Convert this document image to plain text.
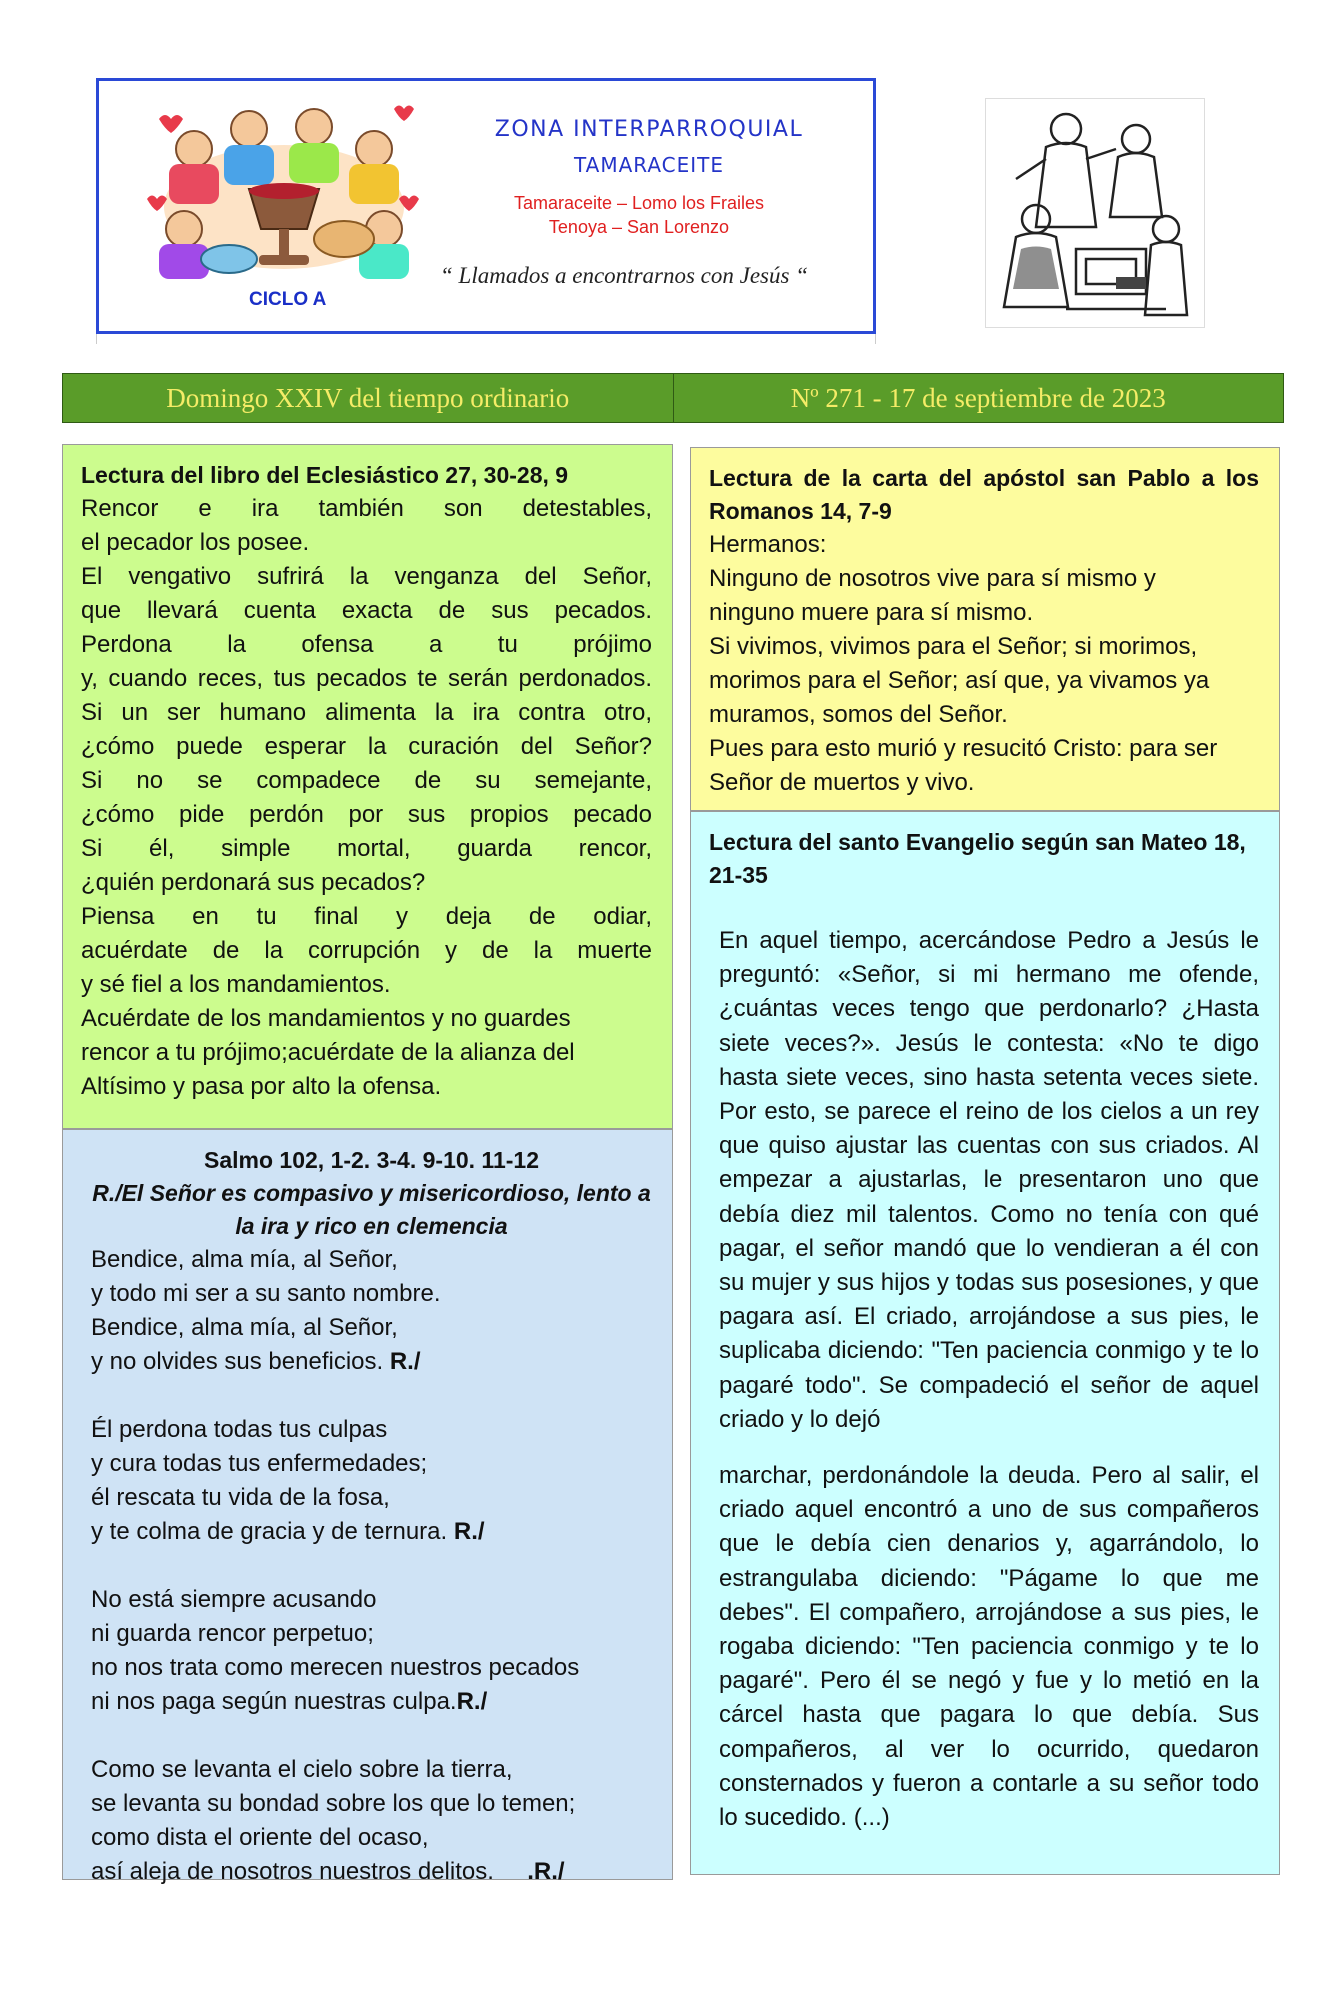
ZONA INTERPARROQUIAL
TAMARACEITE
Tamaraceite – Lomo los Frailes
Tenoya – San Lorenzo
“ Llamados a encontrarnos con Jesús “
CICLO A
Domingo XXIV del tiempo ordinario	Nº 271 - 17 de septiembre de 2023
Lectura del libro del Eclesiástico 27, 30-28, 9
Rencor e ira también son detestables,
el pecador los posee.
El vengativo sufrirá la venganza del Señor,
que llevará cuenta exacta de sus pecados.
Perdona la ofensa a tu prójimo
y, cuando reces, tus pecados te serán perdonados.
Si un ser humano alimenta la ira contra otro,
¿cómo puede esperar la curación del Señor?
Si no se compadece de su semejante,
¿cómo pide perdón por sus propios pecado
Si él, simple mortal, guarda rencor,
¿quién perdonará sus pecados?
Piensa en tu final y deja de odiar,
acuérdate de la corrupción y de la muerte
y sé fiel a los mandamientos.
Acuérdate de los mandamientos y no guardes
rencor a tu prójimo;acuérdate de la alianza del
Altísimo y pasa por alto la ofensa.
Salmo 102, 1-2. 3-4. 9-10. 11-12
R./El Señor es compasivo y misericordioso, lento a la ira y rico en clemencia
Bendice, alma mía, al Señor,
y todo mi ser a su santo nombre.
Bendice, alma mía, al Señor,
y no olvides sus beneficios. R./
Él perdona todas tus culpas
y cura todas tus enfermedades;
él rescata tu vida de la fosa,
y te colma de gracia y de ternura. R./
No está siempre acusando
ni guarda rencor perpetuo;
no nos trata como merecen nuestros pecados
ni nos paga según nuestras culpa.R./
Como se levanta el cielo sobre la tierra,
se levanta su bondad sobre los que lo temen;
como dista el oriente del ocaso,
así aleja de nosotros nuestros delitos. .R./
Lectura de la carta del apóstol san Pablo a los Romanos 14, 7-9
Hermanos:
Ninguno de nosotros vive para sí mismo y
ninguno muere para sí mismo.
Si vivimos, vivimos para el Señor; si morimos,
morimos para el Señor; así que, ya vivamos ya
muramos, somos del Señor.
Pues para esto murió y resucitó Cristo: para ser
Señor de muertos y vivo.
Lectura del santo Evangelio según san Mateo 18, 21-35
En aquel tiempo, acercándose Pedro a Jesús le preguntó: «Señor, si mi hermano me ofende, ¿cuántas veces tengo que perdonarlo? ¿Hasta siete veces?». Jesús le contesta: «No te digo hasta siete veces, sino hasta setenta veces siete. Por esto, se parece el reino de los cielos a un rey que quiso ajustar las cuentas con sus criados. Al empezar a ajustarlas, le presentaron uno que debía diez mil talentos. Como no tenía con qué pagar, el señor mandó que lo vendieran a él con su mujer y sus hijos y todas sus posesiones, y que pagara así. El criado, arrojándose a sus pies, le suplicaba diciendo: "Ten paciencia conmigo y te lo pagaré todo". Se compadeció el señor de aquel criado y lo dejó
marchar, perdonándole la deuda. Pero al salir, el criado aquel encontró a uno de sus compañeros que le debía cien denarios y, agarrándolo, lo estrangulaba diciendo: "Págame lo que me debes". El compañero, arrojándose a sus pies, le rogaba diciendo: "Ten paciencia conmigo y te lo pagaré". Pero él se negó y fue y lo metió en la cárcel hasta que pagara lo que debía. Sus compañeros, al ver lo ocurrido, quedaron consternados y fueron a contarle a su señor todo lo sucedido. (...)
